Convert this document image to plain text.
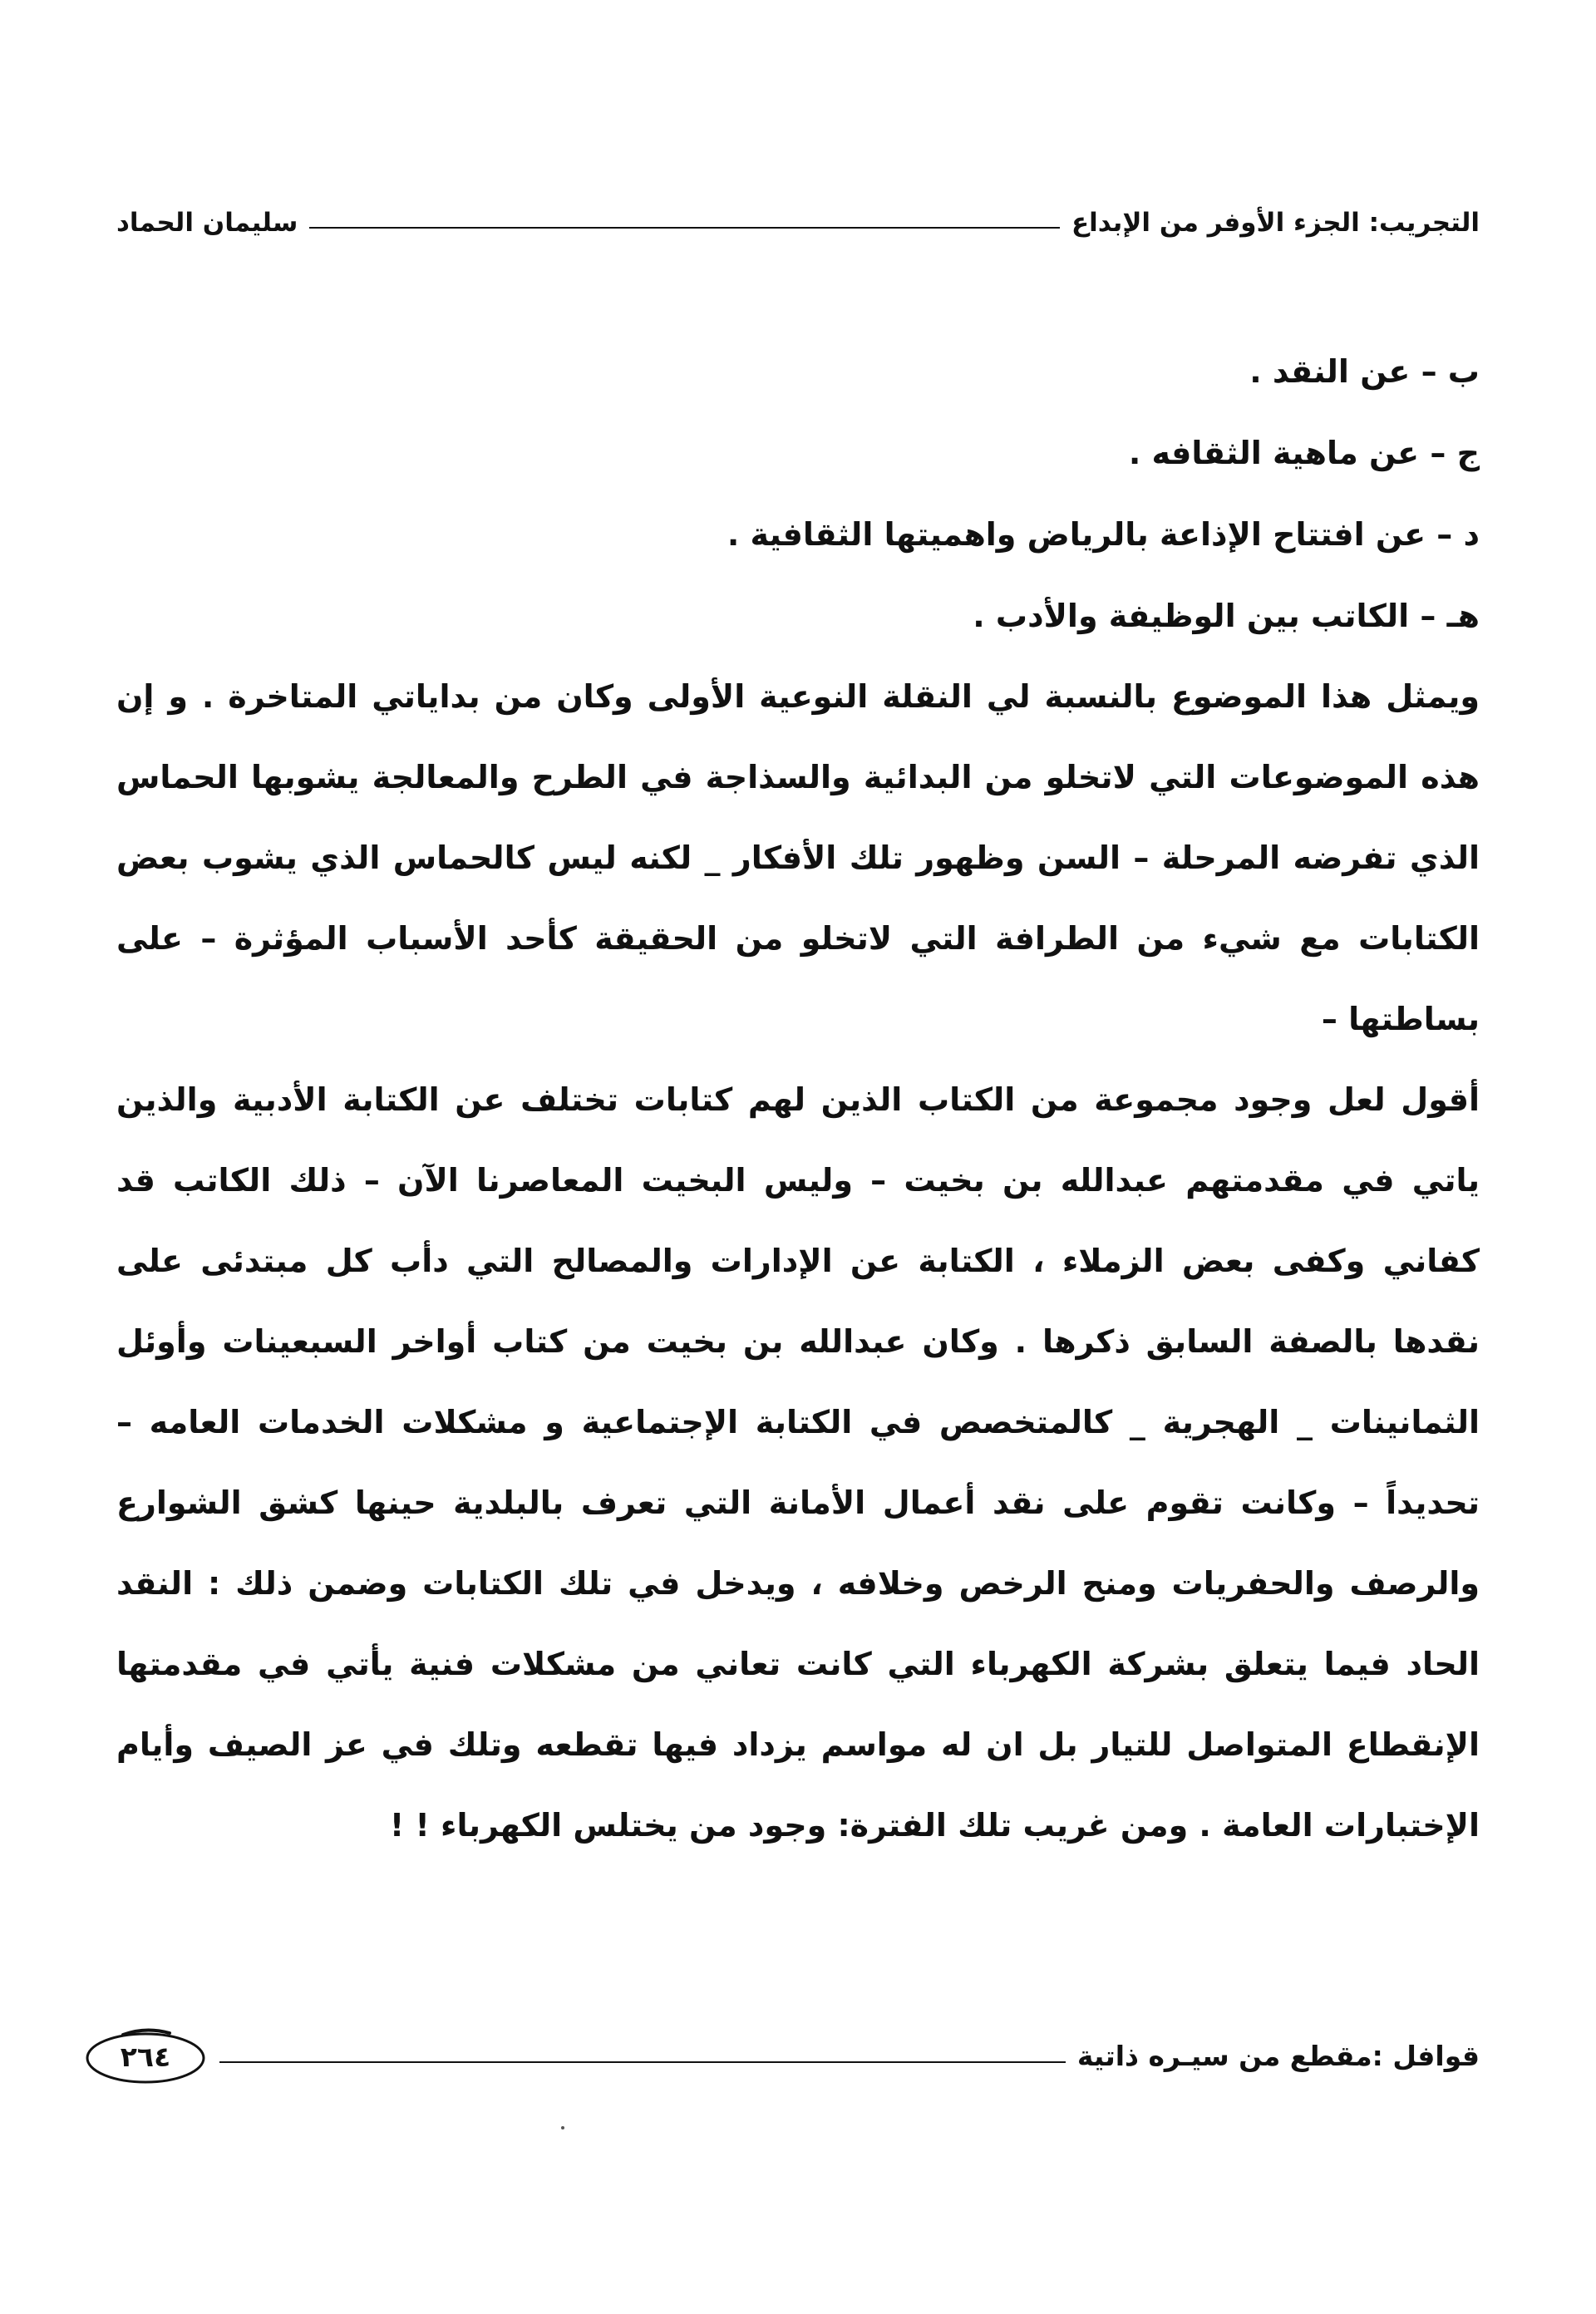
التجريب: الجزء الأوفر من الإبداع
سليمان الحماد
ب – عن النقد .
ج – عن ماهية الثقافه .
د – عن افتتاح الإذاعة بالرياض واهميتها الثقافية .
هـ – الكاتب بين الوظيفة والأدب .

ويمثل هذا الموضوع بالنسبة لي النقلة النوعية الأولى وكان من بداياتي المتاخرة . و إن هذه الموضوعات التي لاتخلو من البدائية والسذاجة في الطرح والمعالجة يشوبها الحماس الذي تفرضه المرحلة – السن وظهور تلك الأفكار _ لكنه ليس كالحماس الذي يشوب بعض الكتابات مع شيء من الطرافة التي لاتخلو من الحقيقة كأحد الأسباب المؤثرة – على بساطتها –

أقول لعل وجود مجموعة من الكتاب الذين لهم كتابات تختلف عن الكتابة الأدبية والذين ياتي في مقدمتهم عبدالله بن بخيت – وليس البخيت المعاصرنا الآن – ذلك الكاتب قد كفاني وكفى بعض الزملاء ، الكتابة عن الإدارات والمصالح التي دأب كل مبتدئى على نقدها بالصفة السابق ذكرها . وكان عبدالله بن بخيت من كتاب أواخر السبعينات وأوئل الثمانينات _ الهجرية _ كالمتخصص في الكتابة الإجتماعية و مشكلات الخدمات العامه – تحديداً – وكانت تقوم على نقد أعمال الأمانة التي تعرف بالبلدية حينها كشق الشوارع والرصف والحفريات ومنح الرخص وخلافه ، ويدخل في تلك الكتابات وضمن ذلك : النقد الحاد فيما يتعلق بشركة الكهرباء التي كانت تعاني من مشكلات فنية يأتي في مقدمتها الإنقطاع المتواصل للتيار بل ان له مواسم يزداد فيها تقطعه وتلك في عز الصيف وأيام الإختبارات العامة . ومن غريب تلك الفترة: وجود من يختلس الكهرباء ! !

قوافل :مقطع من سيـره ذاتية
٢٦٤
